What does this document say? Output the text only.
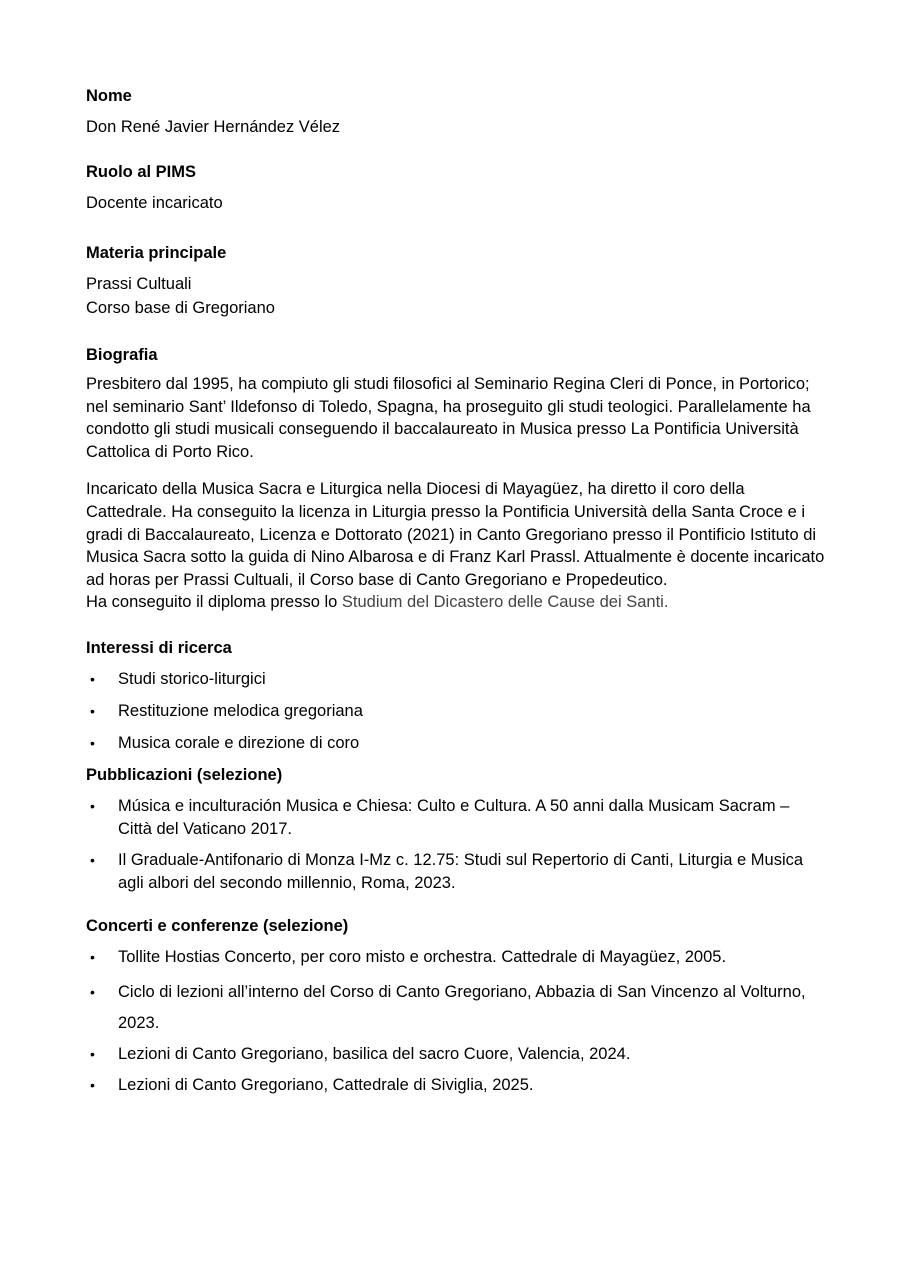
Nome
Don René Javier Hernández Vélez
Ruolo al PIMS
Docente incaricato
Materia principale
Prassi Cultuali
Corso base di Gregoriano
Biografia

Presbitero dal 1995, ha compiuto gli studi filosofici al Seminario Regina Cleri di Ponce, in Portorico; nel seminario Sant’ Ildefonso di Toledo, Spagna, ha proseguito gli studi teologici. Parallelamente ha condotto gli studi musicali conseguendo il baccalaureato in Musica presso La Pontificia Università Cattolica di Porto Rico.

Incaricato della Musica Sacra e Liturgica nella Diocesi di Mayagüez, ha diretto il coro della Cattedrale. Ha conseguito la licenza in Liturgia presso la Pontificia Università della Santa Croce e i gradi di Baccalaureato, Licenza e Dottorato (2021) in Canto Gregoriano presso il Pontificio Istituto di Musica Sacra sotto la guida di Nino Albarosa e di Franz Karl Prassl. Attualmente è docente incaricato ad horas per Prassi Cultuali, il Corso base di Canto Gregoriano e Propedeutico.

Ha conseguito il diploma presso lo Studium del Dicastero delle Cause dei Santi.

Interessi di ricerca
• Studi storico-liturgici
• Restituzione melodica gregoriana
• Musica corale e direzione di coro
Pubblicazioni (selezione)
• Música e inculturación Musica e Chiesa: Culto e Cultura. A 50 anni dalla Musicam Sacram – Città del Vaticano 2017.
• Il Graduale-Antifonario di Monza I-Mz c. 12.75: Studi sul Repertorio di Canti, Liturgia e Musica agli albori del secondo millennio, Roma, 2023.
Concerti e conferenze (selezione)
• Tollite Hostias Concerto, per coro misto e orchestra. Cattedrale di Mayagüez, 2005.
• Ciclo di lezioni all’interno del Corso di Canto Gregoriano, Abbazia di San Vincenzo al Volturno, 2023.
• Lezioni di Canto Gregoriano, basilica del sacro Cuore, Valencia, 2024.
• Lezioni di Canto Gregoriano, Cattedrale di Siviglia, 2025.
